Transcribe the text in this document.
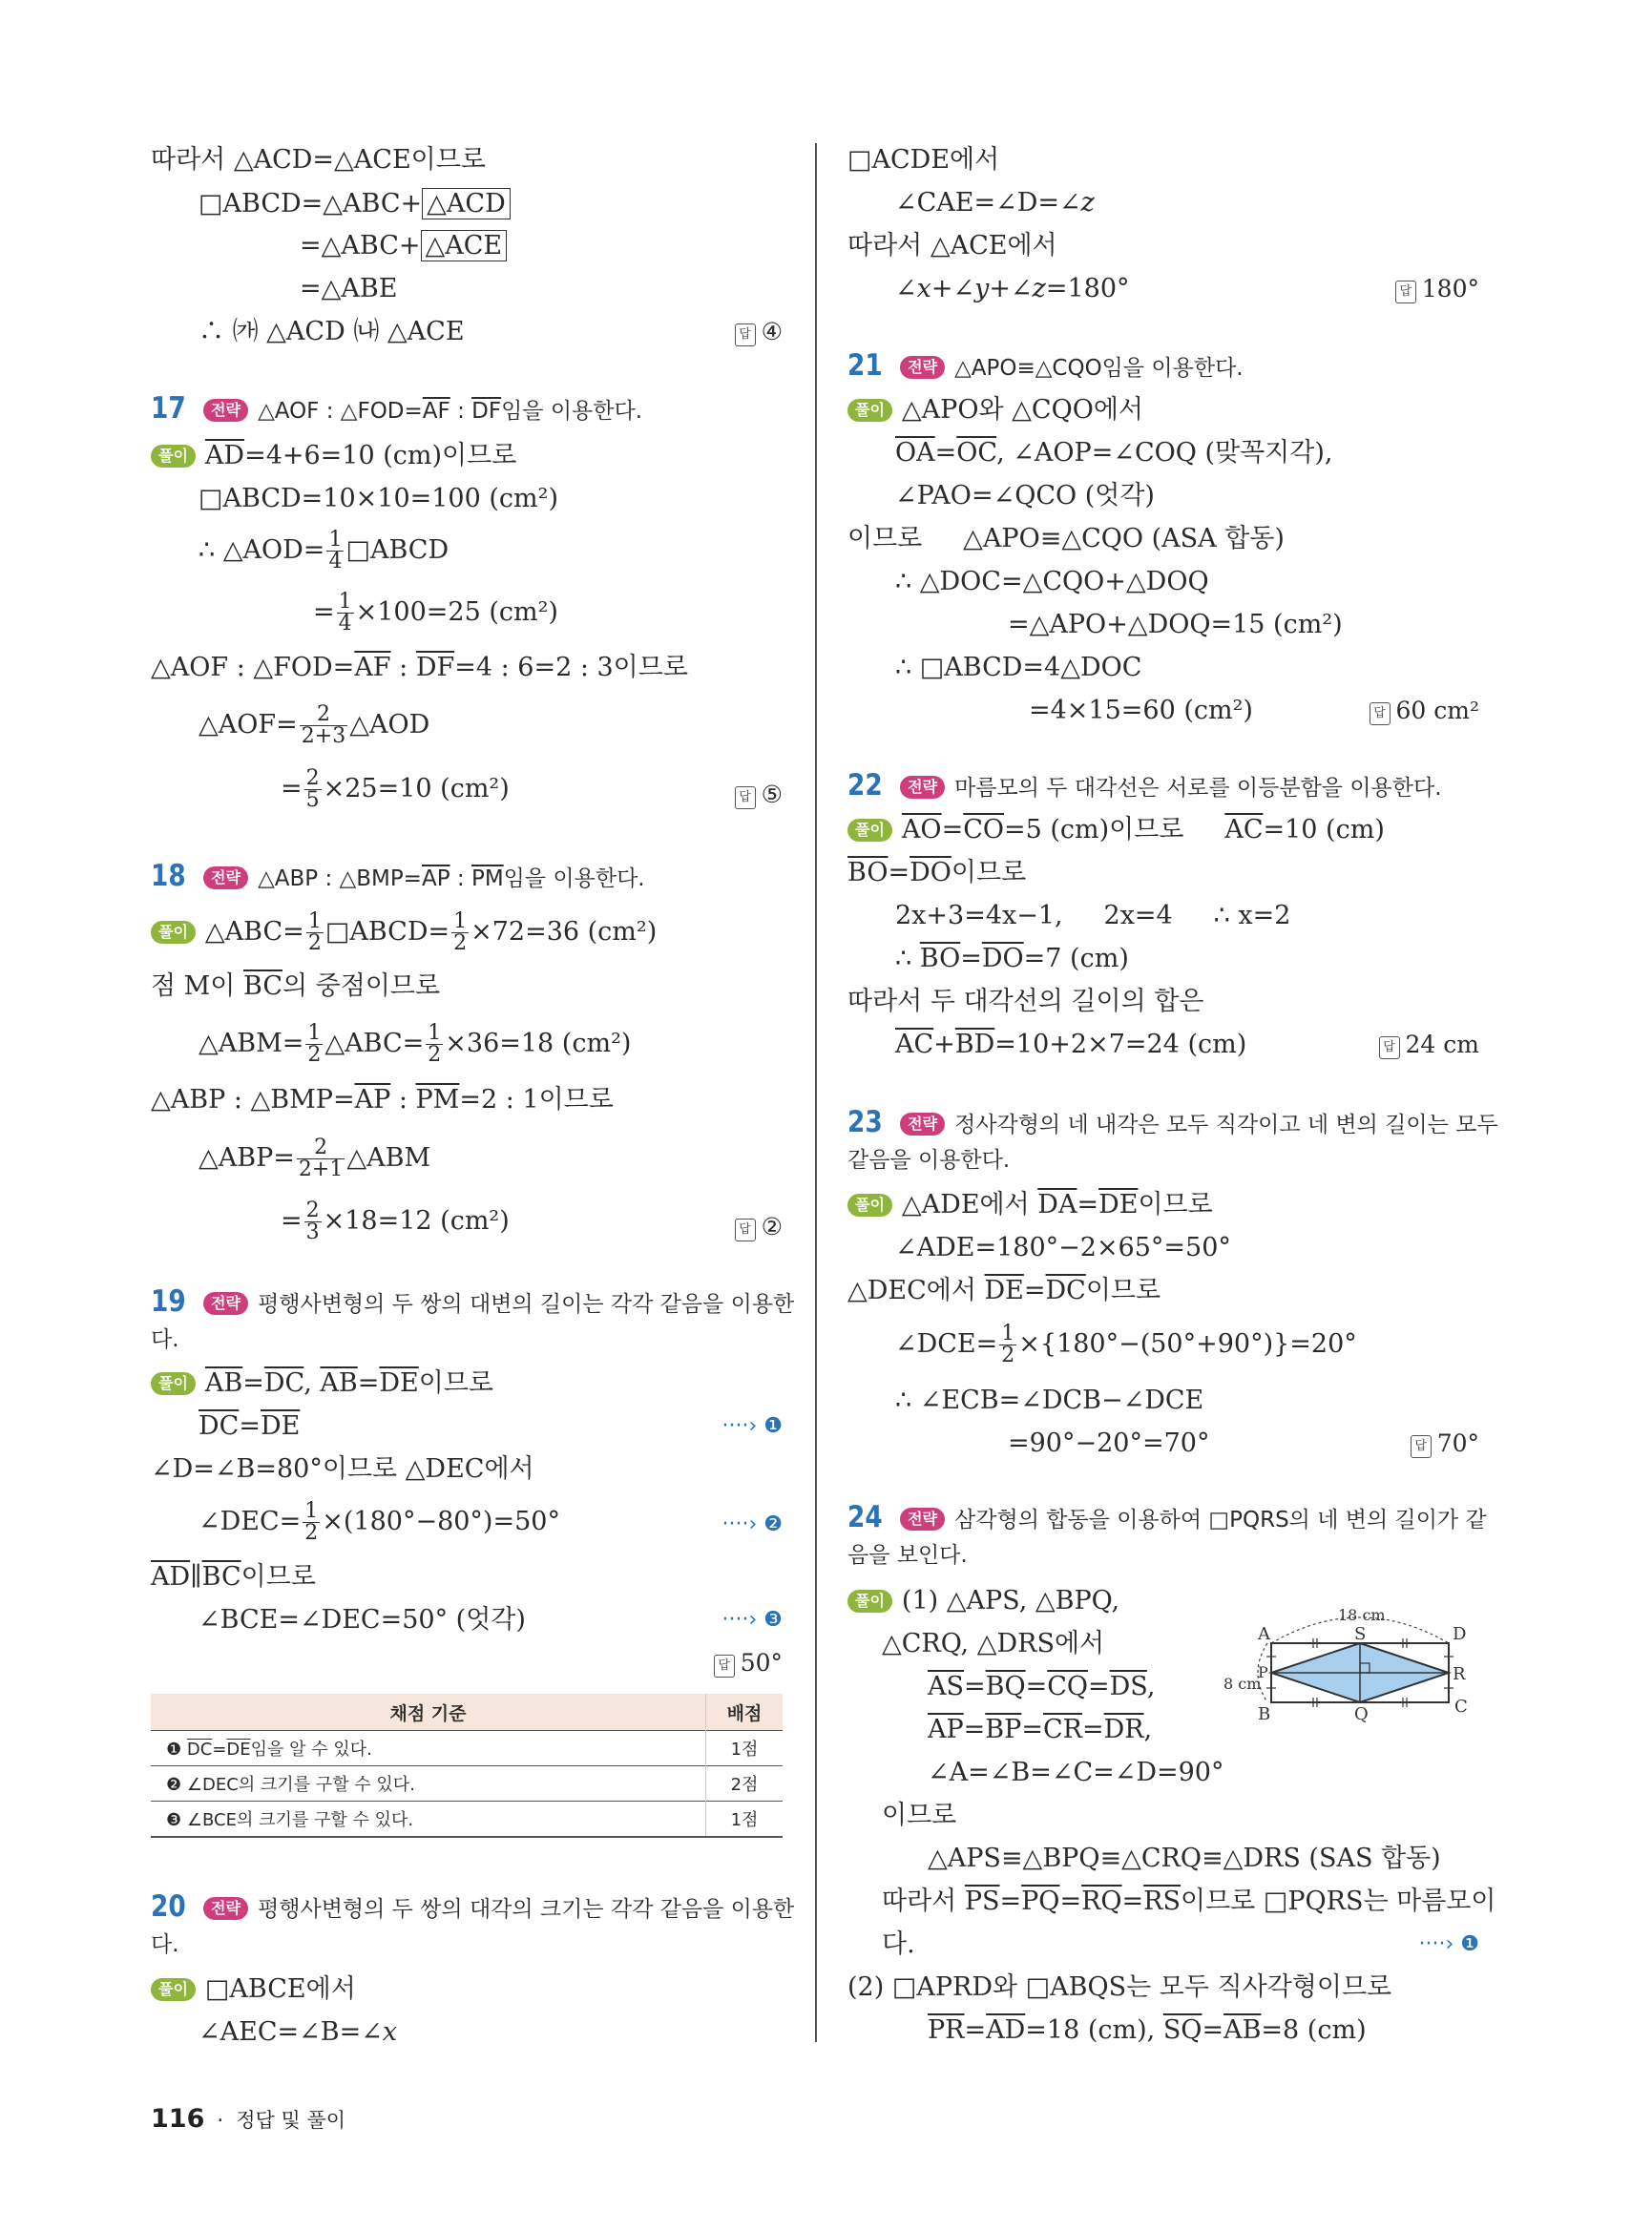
따라서 △ACD=△ACE이므로
□ABCD=△ABC+ △ACD
=△ABC+ △ACE
=△ABE
∴ ㈎ △ACD ㈏ △ACE	답 ④
17 전략 △AOF : $\triangle FOD=\overline{AF}$ : $\overline{DF}$임을 이용한다.
풀이 $\overline{AD}=4+6=10$ (cm)이므로
□ABCD=10×10=100 (cm²)
∴ △AOD= $\frac{1}{4}$ □ABCD
= $\frac{1}{4} \times 100=25$ (cm²)
△AOF : $\triangle FOD=\overline{AF}$ : $\overline{DF}=4$ : 6=2 : 3이므로
△AOF= $\frac{2}{2+3}$ △AOD
= $\frac{2}{5} \times 25=10$ (cm²)	답 ⑤
18 전략 △ABP : $\triangle BMP=\overline{AP}$ : $\overline{PM}$임을 이용한다.
풀이 △ABC= $\frac{1}{2}$ □ABCD= $\frac{1}{2} \times 72=36$ (cm²)
점 M이 $\overline{BC}$의 중점이므로
△ABM= $\frac{1}{2}$ △ABC= $\frac{1}{2} \times 36=18$ (cm²)
△ABP : $\triangle BMP=\overline{AP}$ : $\overline{PM}=2$ : 1이므로
△ABP= $\frac{2}{2+1}$ △ABM
= $\frac{2}{3} \times 18=12$ (cm²)	답 ②
19 전략 평행사변형의 두 쌍의 대변의 길이는 각각 같음을 이용한
다.
풀이 $\overline{AB}=\overline{DC}$, $\overline{AB}=\overline{DE}$이므로
$\overline{DC}=\overline{DE}$	····› ❶
∠D=∠B=80°이므로 △DEC에서
∠DEC= $\frac{1}{2} \times(180^\circ-80^\circ)=50^\circ$	····› ❷
$\overline{AD}\parallel\overline{BC}$이므로
∠BCE=∠DEC=50° (엇각)	····› ❸
답 50°
채점 기준	배점
❶ $\overline{DC}=\overline{DE}$임을 알 수 있다.	1점
❷ ∠DEC의 크기를 구할 수 있다.	2점
❸ ∠BCE의 크기를 구할 수 있다.	1점
20 전략 평행사변형의 두 쌍의 대각의 크기는 각각 같음을 이용한
다.
풀이 □ABCE에서
∠AEC=∠B=∠x
□ACDE에서
∠CAE=∠D=∠z
따라서 △ACE에서
∠x+∠y+∠z=180°	답 180°
21 전략 △APO≡△CQO임을 이용한다.
풀이 △APO와 △CQO에서
$\overline{OA}=\overline{OC}$, ∠AOP=∠COQ (맞꼭지각),
∠PAO=∠QCO (엇각)
이므로     △APO≡△CQO (ASA 합동)
∴ △DOC=△CQO+△DOQ
=△APO+△DOQ=15 (cm²)
∴ □ABCD=4△DOC
=4×15=60 (cm²)	답 60 cm²
22 전략 마름모의 두 대각선은 서로를 이등분함을 이용한다.
풀이 $\overline{AO}=\overline{CO}=5$ (cm)이므로     $\overline{AC}=10$ (cm)
$\overline{BO}=\overline{DO}$이므로
2x+3=4x−1,     2x=4     ∴ x=2
∴ $\overline{BO}=\overline{DO}=7$ (cm)
따라서 두 대각선의 길이의 합은
$\overline{AC}+\overline{BD}=10+2\times 7=24$ (cm)	답 24 cm
23 전략 정사각형의 네 내각은 모두 직각이고 네 변의 길이는 모두
같음을 이용한다.
풀이 △ADE에서 $\overline{DA}=\overline{DE}$이므로
∠ADE=180°−2×65°=50°
△DEC에서 $\overline{DE}=\overline{DC}$이므로
∠DCE= $\frac{1}{2} \times\{180^\circ-(50^\circ+90^\circ)\}=20^\circ$
∴ ∠ECB=∠DCB−∠DCE
=90°−20°=70°	답 70°
24 전략 삼각형의 합동을 이용하여 □PQRS의 네 변의 길이가 같
음을 보인다.
풀이 (1) △APS, △BPQ,
△CRQ, △DRS에서
$\overline{AS}=\overline{BQ}=\overline{CQ}=\overline{DS}$,
$\overline{AP}=\overline{BP}=\overline{CR}=\overline{DR}$,
∠A=∠B=∠C=∠D=90°
이므로
△APS≡△BPQ≡△CRQ≡△DRS (SAS 합동)
따라서 $\overline{PS}=\overline{PQ}=\overline{RQ}=\overline{RS}$이므로 □PQRS는 마름모이
다.	····› ❶
(2) □APRD와 □ABQS는 모두 직사각형이므로
$\overline{PR}=\overline{AD}=18$ (cm), $\overline{SQ}=\overline{AB}=8$ (cm)
A	D
B	C
S
Q
P	R
18 cm
8 cm
116 · 정답 및 풀이
